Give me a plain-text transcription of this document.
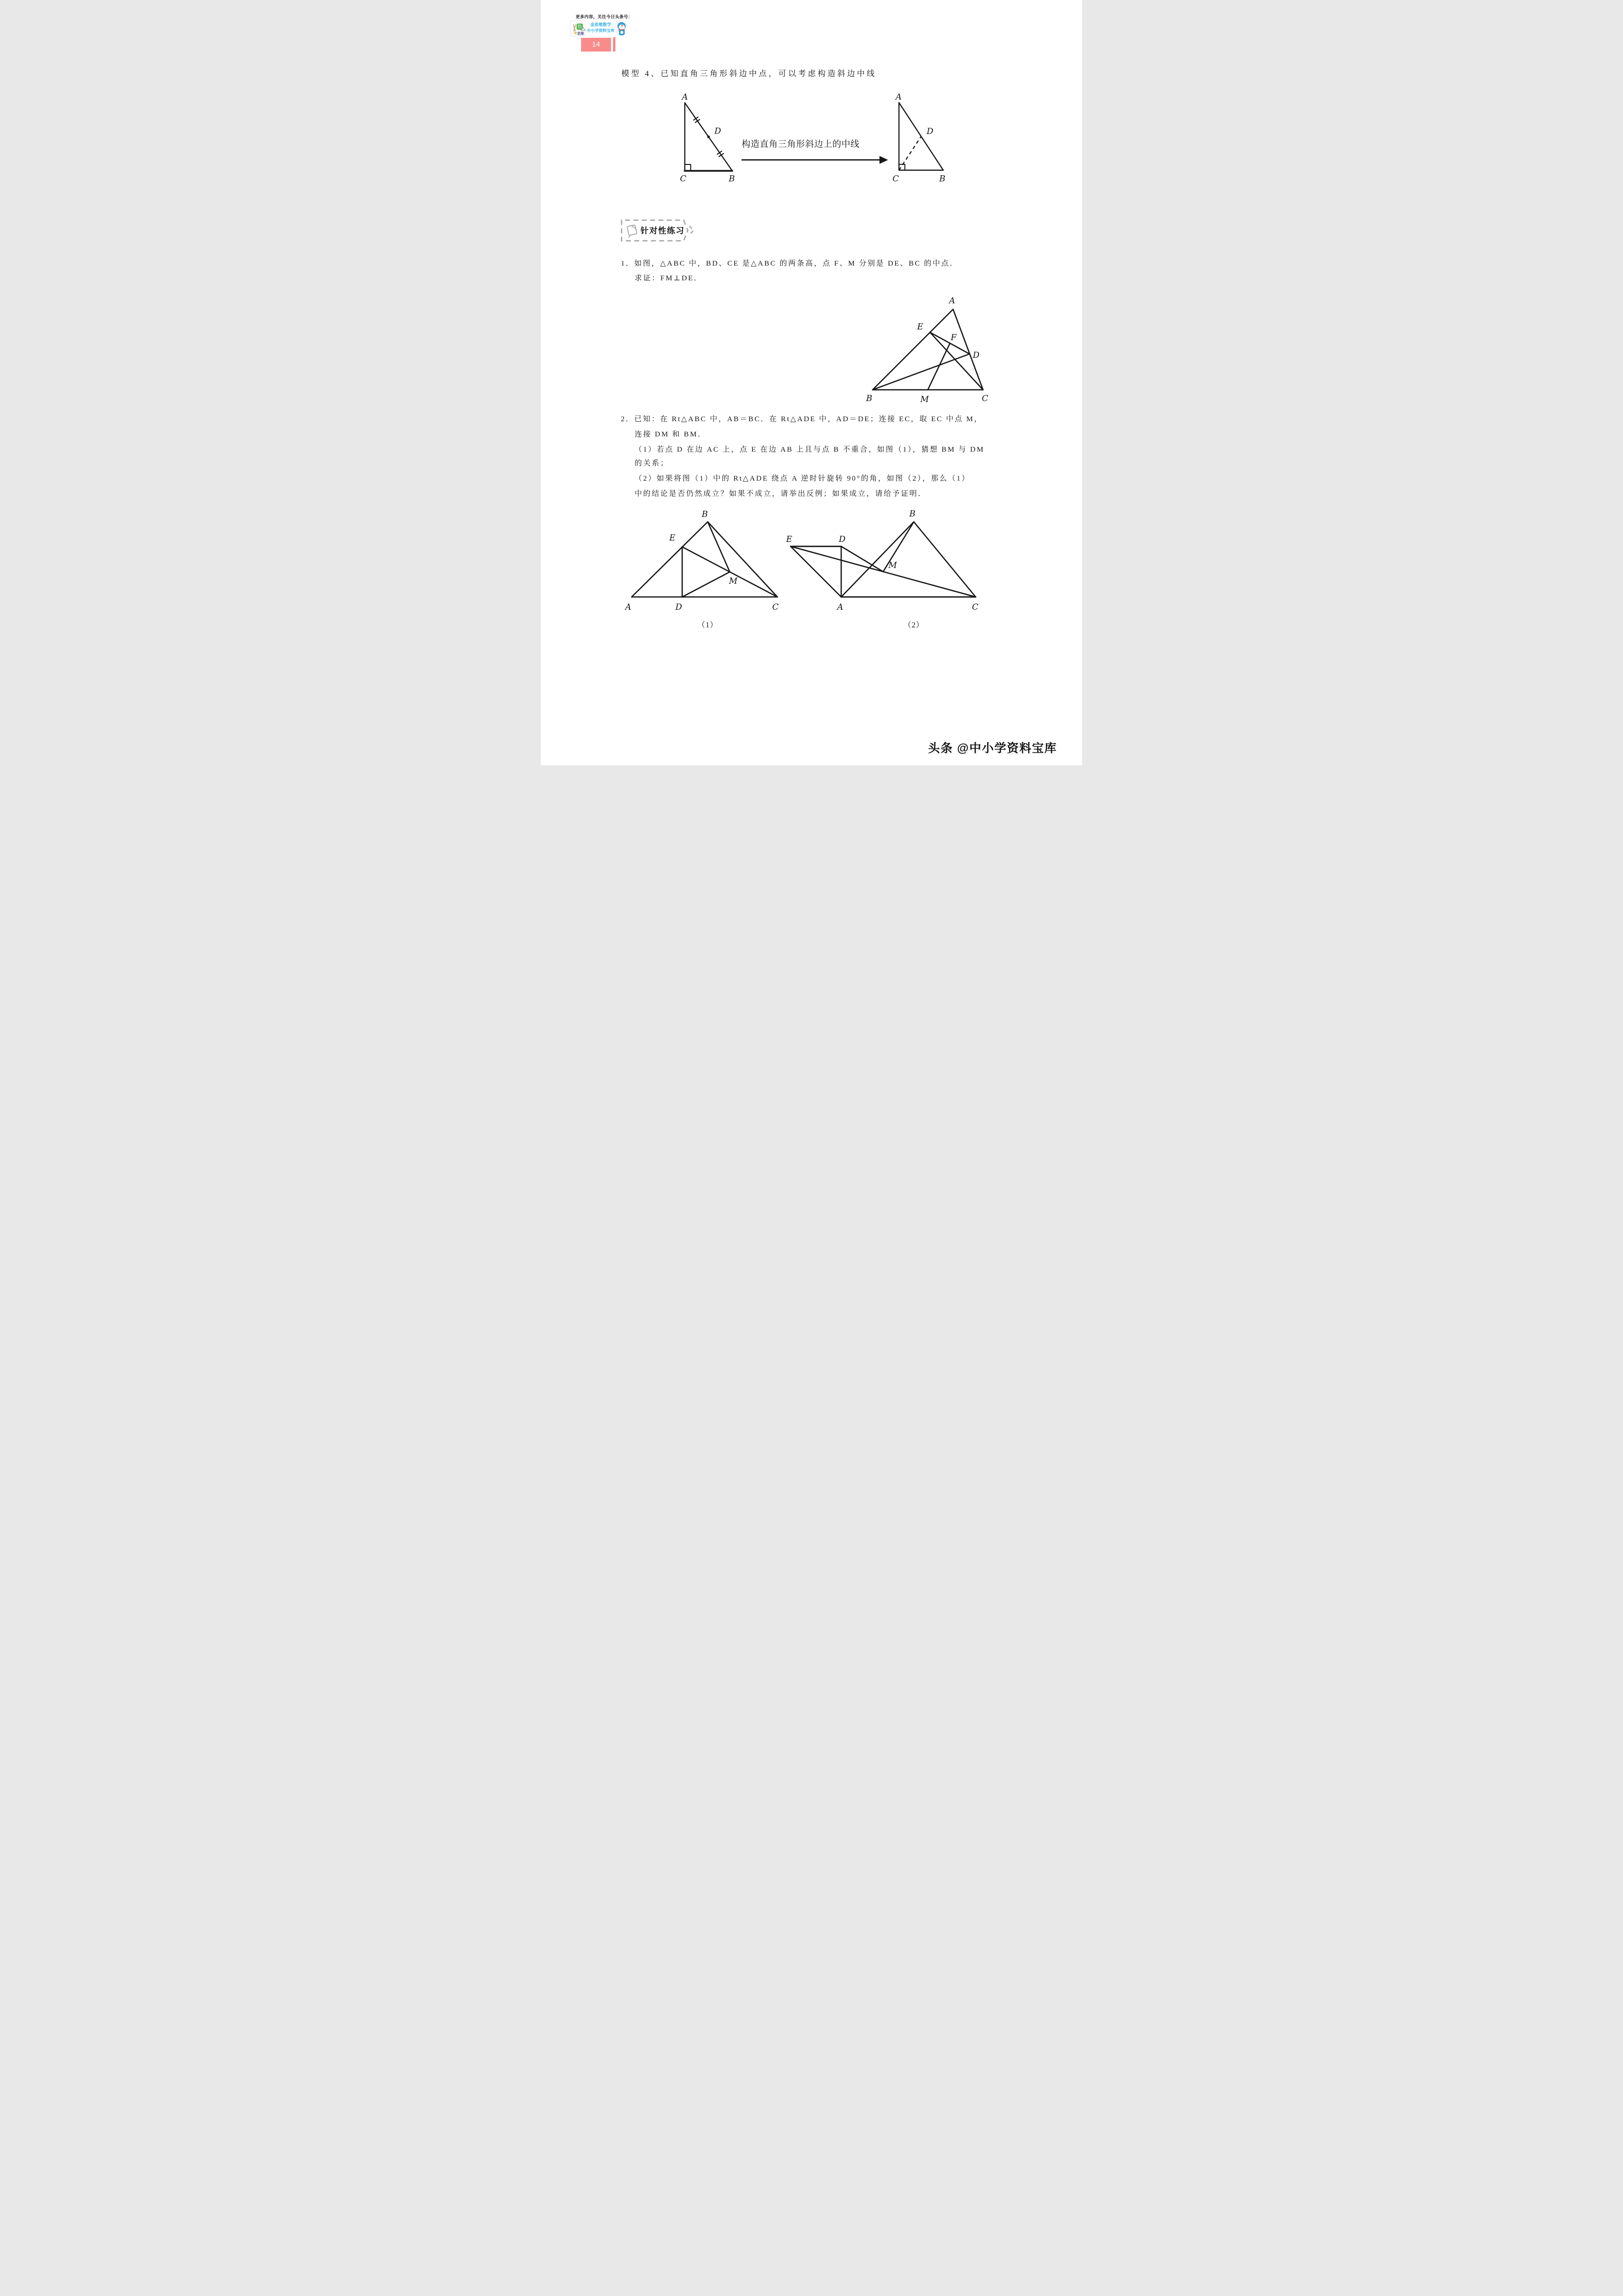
更多内容，关注今日头条号：
数
思维
金思维数学
中小学资料宝库
14
模型 4、已知直角三角形斜边中点，可以考虑构造斜边中线
1．如图，△ABC 中，BD、CE 是△ABC 的两条高，点 F、M 分别是 DE、BC 的中点．
求证：FM⊥DE．
2．已知：在 Rt△ABC 中，AB＝BC．在 Rt△ADE 中，AD＝DE；连接 EC，取 EC 中点 M，
连接 DM 和 BM．
（1）若点 D 在边 AC 上，点 E 在边 AB 上且与点 B 不重合，如图（1），猜想 BM 与 DM
的关系；
（2）如果将图（1）中的 Rt△ADE 绕点 A 逆时针旋转 90°的角，如图（2），那么（1）
中的结论是否仍然成立？如果不成立，请举出反例；如果成立，请给予证明．
A
D
C	B
构造直角三角形斜边上的中线
A
D
C	B
针对性练习
A
E
F
D
B	M	C
B
E
M
A	D	C
（1）
E	D
B
M
A	C
（2）
头条 @中小学资料宝库
